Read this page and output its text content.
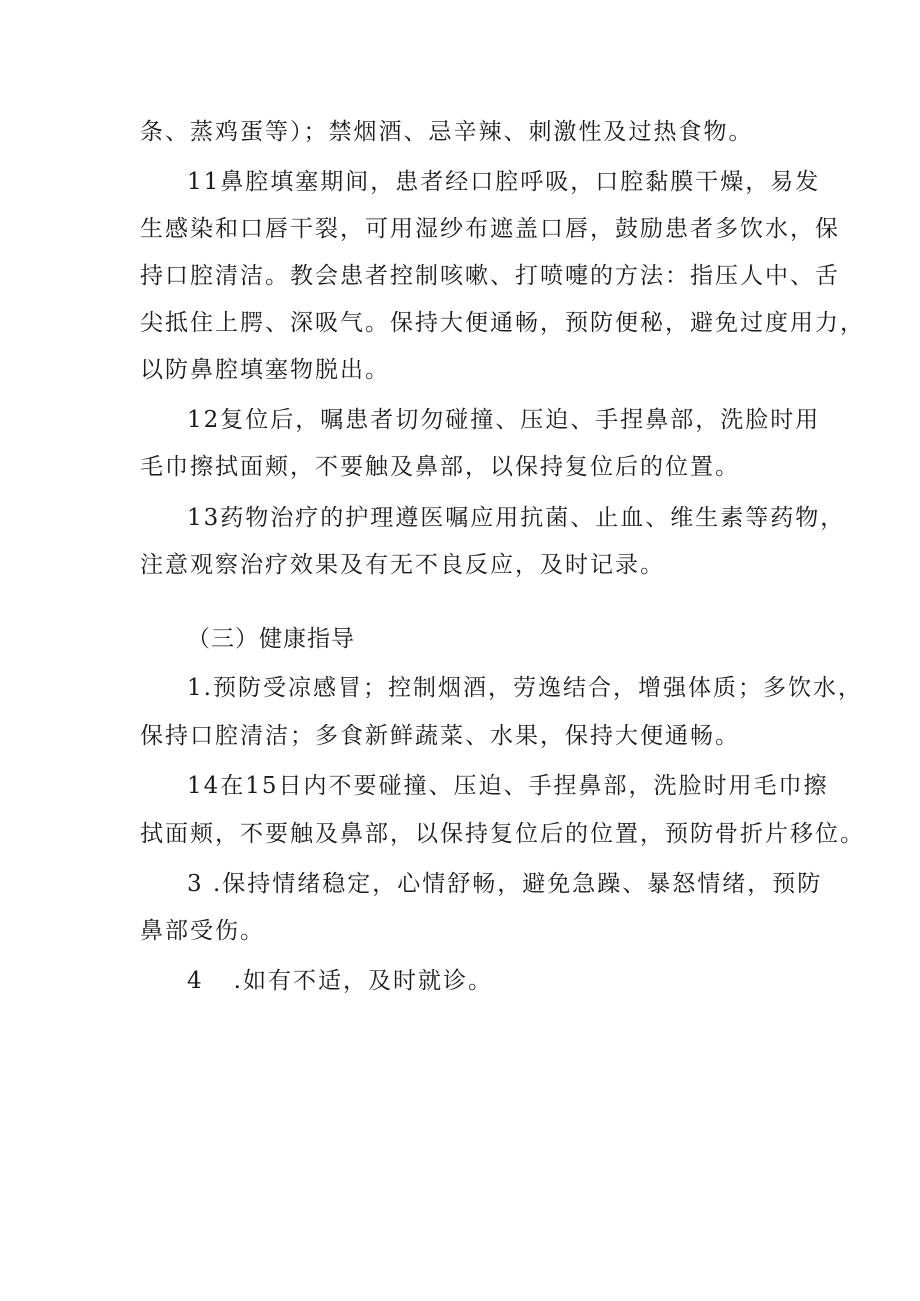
条、蒸鸡蛋等）；禁烟酒、忌辛辣、刺激性及过热食物。
11鼻腔填塞期间，患者经口腔呼吸，口腔黏膜干燥，易发
生感染和口唇干裂，可用湿纱布遮盖口唇，鼓励患者多饮水，保
持口腔清洁。教会患者控制咳嗽、打喷嚏的方法：指压人中、舌
尖抵住上腭、深吸气。保持大便通畅，预防便秘，避免过度用力，
以防鼻腔填塞物脱出。
12复位后，嘱患者切勿碰撞、压迫、手捏鼻部，洗脸时用
毛巾擦拭面颊，不要触及鼻部，以保持复位后的位置。
13药物治疗的护理遵医嘱应用抗菌、止血、维生素等药物，
注意观察治疗效果及有无不良反应，及时记录。
（三）健康指导
1.预防受凉感冒；控制烟酒，劳逸结合，增强体质；多饮水，
保持口腔清洁；多食新鲜蔬菜、水果，保持大便通畅。
14在15日内不要碰撞、压迫、手捏鼻部，洗脸时用毛巾擦
拭面颊，不要触及鼻部，以保持复位后的位置，预防骨折片移位。
3 .保持情绪稳定，心情舒畅，避免急躁、暴怒情绪，预防
鼻部受伤。
4 .如有不适，及时就诊。
